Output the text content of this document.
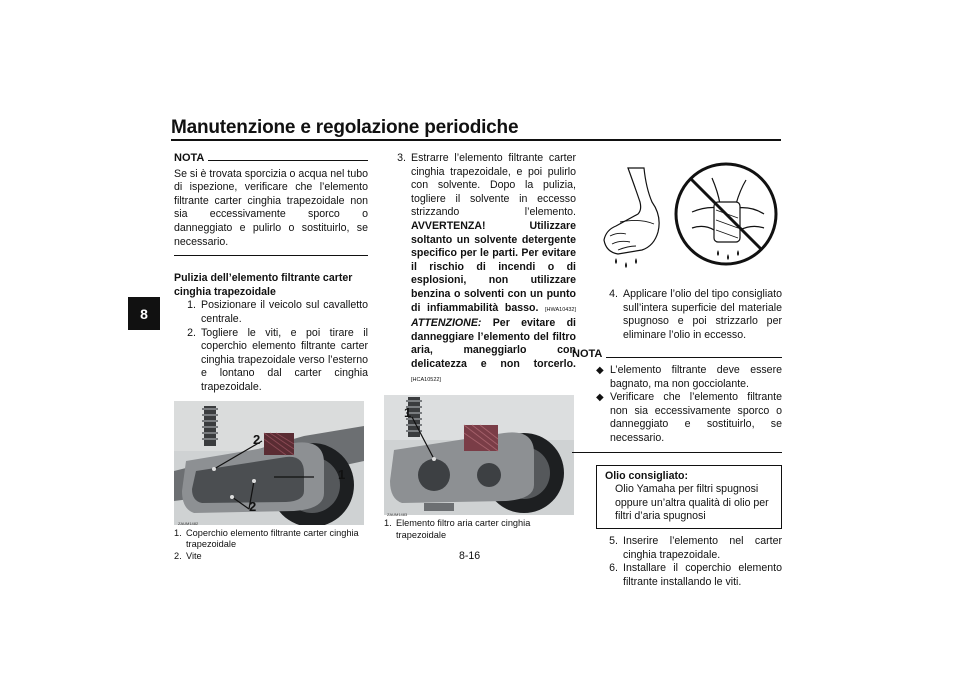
Manutenzione e regolazione periodiche
8
NOTA
Se si è trovata sporcizia o acqua nel tubo di ispezione, verificare che l’elemento filtrante carter cinghia trapezoidale non sia eccessivamente sporco o danneggiato e pulirlo o sostituirlo, se necessario.
Pulizia dell’elemento filtrante carter cinghia trapezoidale
1. Posizionare il veicolo sul cavalletto centrale.
2. Togliere le viti, e poi tirare il coperchio elemento filtrante carter cinghia trapezoidale verso l’esterno e lontano dal carter cinghia trapezoidale.
2
1
2
ZAUM1482
1. Coperchio elemento filtrante carter cinghia trapezoidale
2. Vite
3. Estrarre l’elemento filtrante carter cinghia trapezoidale, e poi pulirlo con solvente. Dopo la pulizia, togliere il solvente in eccesso strizzando l’elemento. AVVERTENZA!	Utilizzare soltanto un solvente detergente specifico per le parti. Per evitare il rischio di incendi o di esplosioni, non utilizzare benzina o solventi con un punto di infiammabilità basso. [HWA10432] ATTENZIONE: Per evitare di danneggiare l’elemento del filtro aria, maneggiarlo con delicatezza e non torcerlo. [HCA10522]
1
ZAUM1483
1. Elemento filtro aria carter cinghia trapezoidale
4. Applicare l’olio del tipo consigliato sull’intera superficie del materiale spugnoso e poi strizzarlo per eliminare l’olio in eccesso.
NOTA
◆ L’elemento filtrante deve essere bagnato, ma non gocciolante.
◆ Verificare che l’elemento filtrante non sia eccessivamente sporco o danneggiato e sostituirlo, se necessario.
Olio consigliato:
Olio Yamaha per filtri spugnosi oppure un’altra qualità di olio per filtri d’aria spugnosi
5. Inserire l’elemento nel carter cinghia trapezoidale.
6. Installare il coperchio elemento filtrante installando le viti.
8-16
